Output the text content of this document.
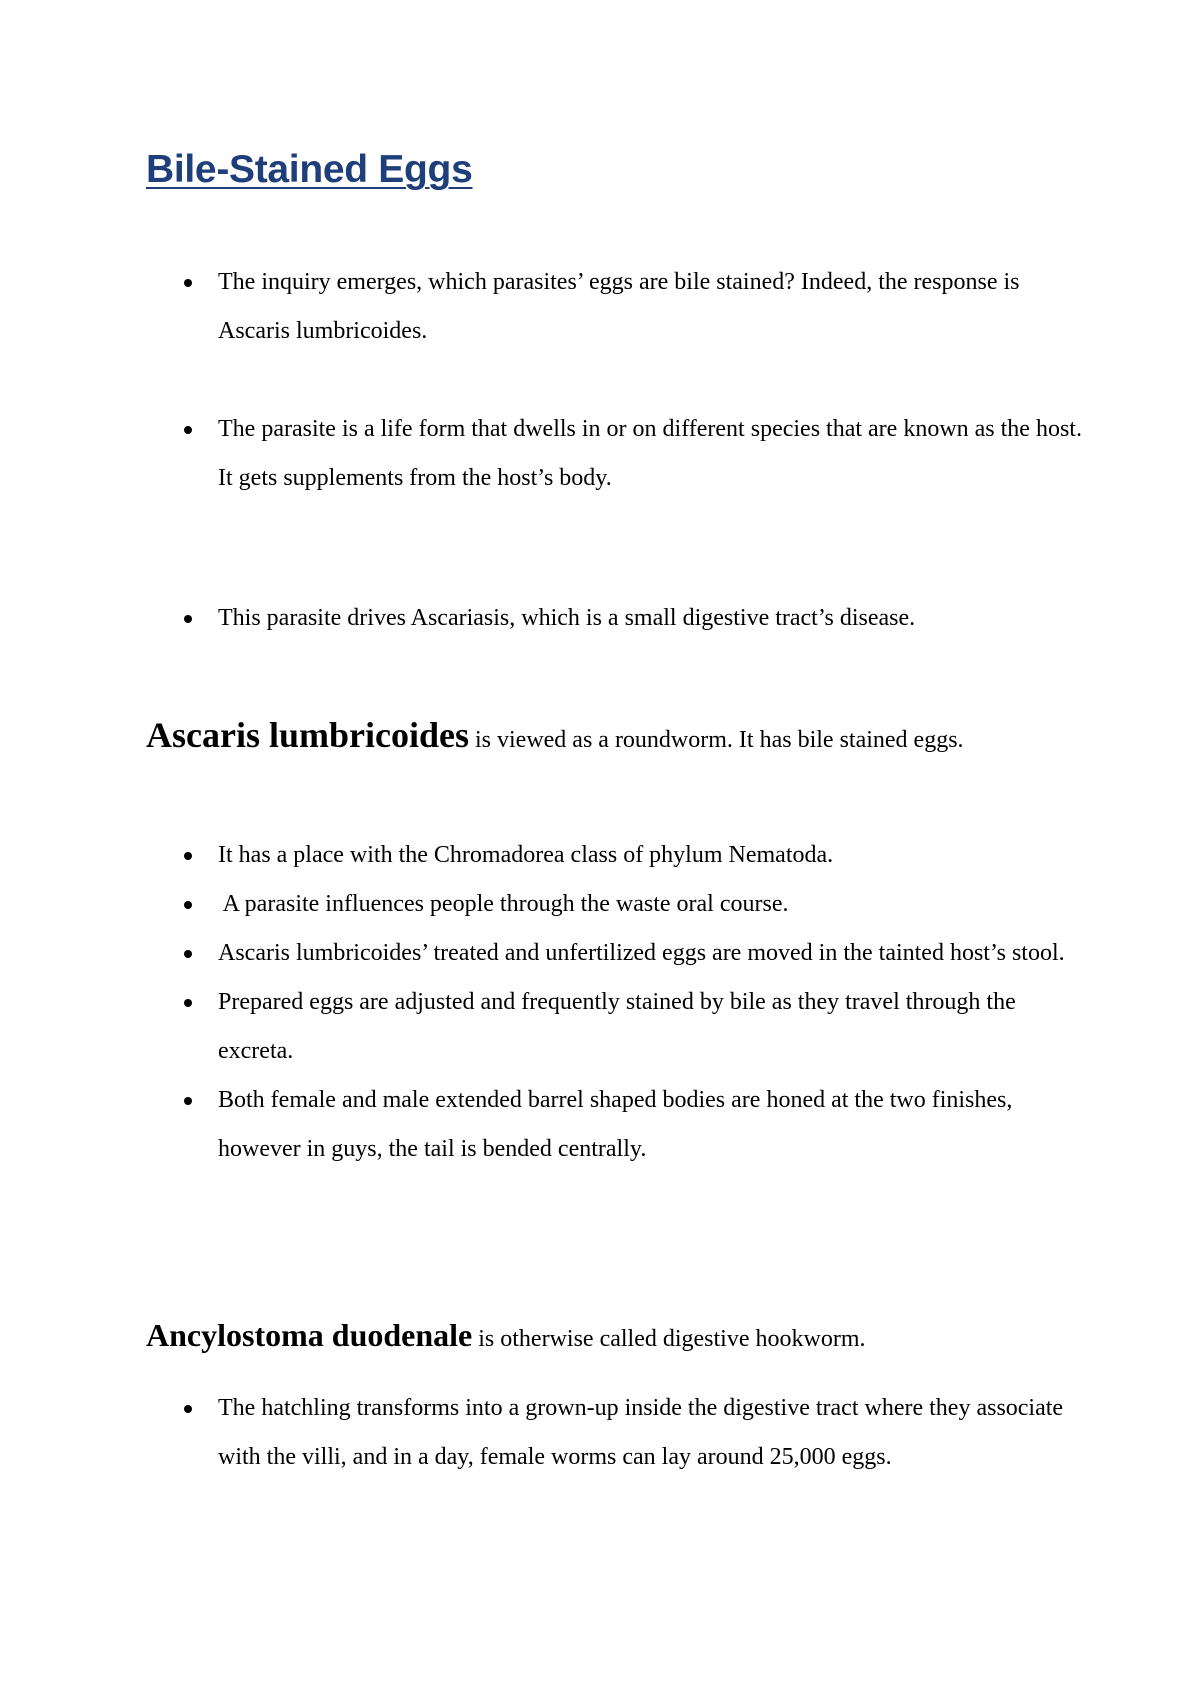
Bile-Stained Eggs
The inquiry emerges, which parasites’ eggs are bile stained? Indeed, the response is Ascaris lumbricoides.
The parasite is a life form that dwells in or on different species that are known as the host. It gets supplements from the host’s body.
This parasite drives Ascariasis, which is a small digestive tract’s disease.

Ascaris lumbricoides is viewed as a roundworm. It has bile stained eggs.

It has a place with the Chromadorea class of phylum Nematoda.
A parasite influences people through the waste oral course.
Ascaris lumbricoides’ treated and unfertilized eggs are moved in the tainted host’s stool.
Prepared eggs are adjusted and frequently stained by bile as they travel through the excreta.
Both female and male extended barrel shaped bodies are honed at the two finishes, however in guys, the tail is bended centrally.

Ancylostoma duodenale is otherwise called digestive hookworm.

The hatchling transforms into a grown-up inside the digestive tract where they associate with the villi, and in a day, female worms can lay around 25,000 eggs.
